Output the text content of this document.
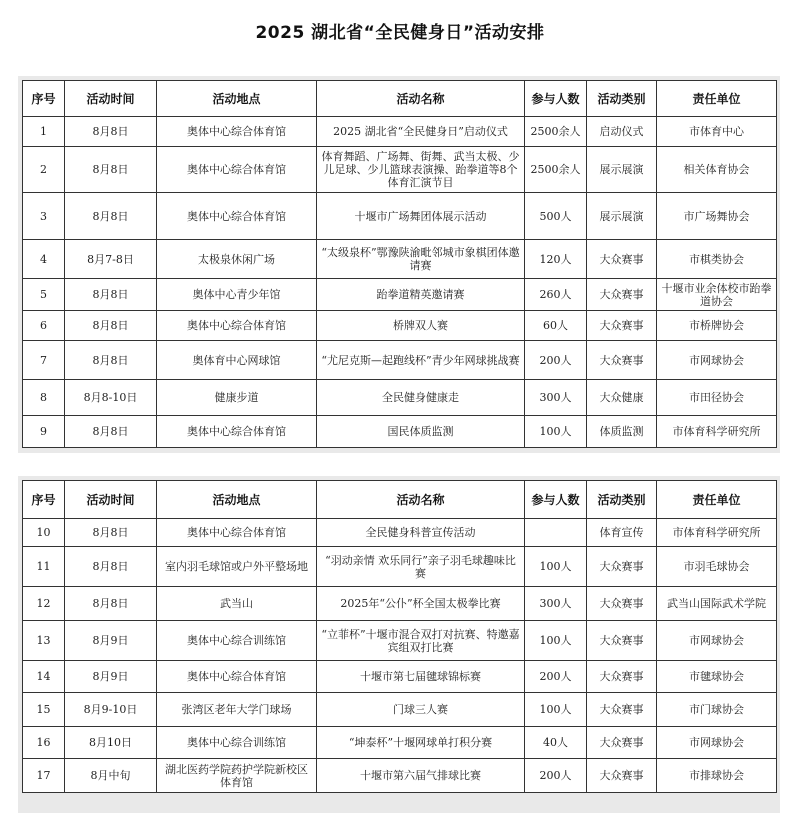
2025 湖北省“全民健身日”活动安排
序号	活动时间	活动地点	活动名称	参与人数	活动类别	责任单位
1	8月8日	奥体中心综合体育馆	2025 湖北省“全民健身日”启动仪式	2500余人	启动仪式	市体育中心
2	8月8日	奥体中心综合体育馆	体育舞蹈、广场舞、街舞、武当太极、少儿足球、少儿篮球表演操、跆拳道等8个体育汇演节目	2500余人	展示展演	相关体育协会
3	8月8日	奥体中心综合体育馆	十堰市广场舞团体展示活动	500人	展示展演	市广场舞协会
4	8月7-8日	太极泉休闲广场	“太级泉杯”鄂豫陕渝毗邻城市象棋团体邀请赛	120人	大众赛事	市棋类协会
5	8月8日	奥体中心青少年馆	跆拳道精英邀请赛	260人	大众赛事	十堰市业余体校市跆拳道协会
6	8月8日	奥体中心综合体育馆	桥牌双人赛	60人	大众赛事	市桥牌协会
7	8月8日	奥体育中心网球馆	“尤尼克斯—起跑线杯”青少年网球挑战赛	200人	大众赛事	市网球协会
8	8月8-10日	健康步道	全民健身健康走	300人	大众健康	市田径协会
9	8月8日	奥体中心综合体育馆	国民体质监测	100人	体质监测	市体育科学研究所
序号	活动时间	活动地点	活动名称	参与人数	活动类别	责任单位
10	8月8日	奥体中心综合体育馆	全民健身科普宣传活动		体育宣传	市体育科学研究所
11	8月8日	室内羽毛球馆或户外平整场地	“羽动亲情 欢乐同行”亲子羽毛球趣味比赛	100人	大众赛事	市羽毛球协会
12	8月8日	武当山	2025年“公仆”杯全国太极拳比赛	300人	大众赛事	武当山国际武术学院
13	8月9日	奥体中心综合训练馆	“立菲杯”十堰市混合双打对抗赛、特邀嘉宾组双打比赛	100人	大众赛事	市网球协会
14	8月9日	奥体中心综合体育馆	十堰市第七届毽球锦标赛	200人	大众赛事	市毽球协会
15	8月9-10日	张湾区老年大学门球场	门球三人赛	100人	大众赛事	市门球协会
16	8月10日	奥体中心综合训练馆	“坤泰杯”十堰网球单打积分赛	40人	大众赛事	市网球协会
17	8月中旬	湖北医药学院药护学院新校区体育馆	十堰市第六届气排球比赛	200人	大众赛事	市排球协会
